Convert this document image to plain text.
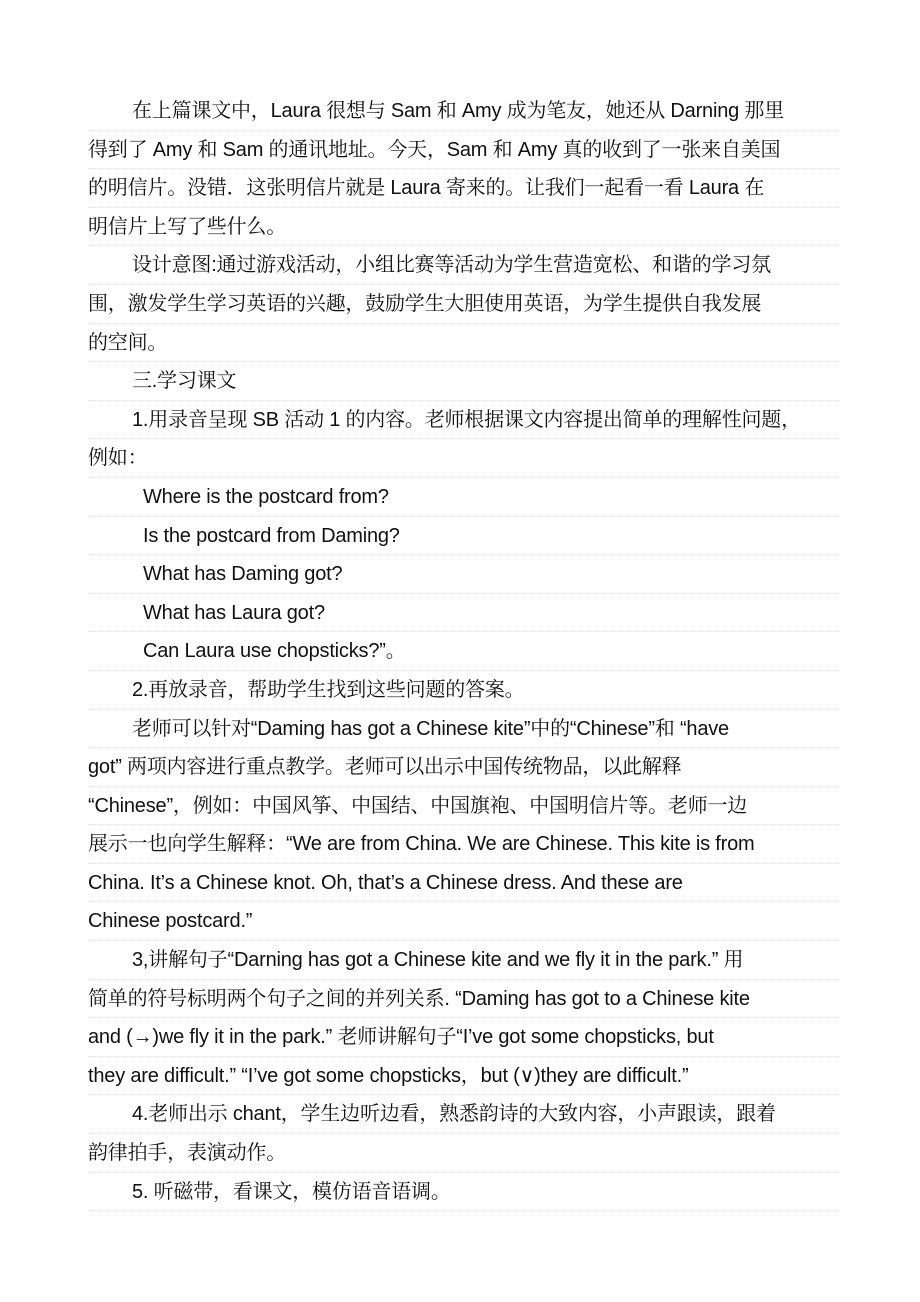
在上篇课文中，Laura 很想与 Sam 和 Amy 成为笔友，她还从 Darning 那里
得到了 Amy 和 Sam 的通讯地址。今天，Sam 和 Amy 真的收到了一张来自美国
的明信片。没错．这张明信片就是 Laura 寄来的。让我们一起看一看 Laura 在
明信片上写了些什么。
设计意图:通过游戏活动，小组比赛等活动为学生营造宽松、和谐的学习氛
围，激发学生学习英语的兴趣，鼓励学生大胆使用英语，为学生提供自我发展
的空间。
三.学习课文
1.用录音呈现 SB 活动 1 的内容。老师根据课文内容提出简单的理解性问题，
例如：
Where is the postcard from?
Is the postcard from Daming?
What has Daming got?
What has Laura got?
Can Laura use chopsticks?”。
2.再放录音，帮助学生找到这些问题的答案。
老师可以针对“Daming has got a Chinese kite”中的“Chinese”和 “have
got” 两项内容进行重点教学。老师可以出示中国传统物品，以此解释
“Chinese”，例如：中国风筝、中国结、中国旗袍、中国明信片等。老师一边
展示一也向学生解释：“We are from China. We are Chinese. This kite is from
China. It’s a Chinese knot. Oh, that’s a Chinese dress. And these are
Chinese postcard.”
3,讲解句子“Darning has got a Chinese kite and we fly it in the park.” 用
简单的符号标明两个句子之间的并列关系. “Daming has got to a Chinese kite
and (→)we fly it in the park.” 老师讲解句子“I’ve got some chopsticks, but
they are difficult.” “I’ve got some chopsticks，but (∨)they are difficult.”
4.老师出示 chant，学生边听边看，熟悉韵诗的大致内容，小声跟读，跟着
韵律拍手，表演动作。
5. 听磁带，看课文，模仿语音语调。
